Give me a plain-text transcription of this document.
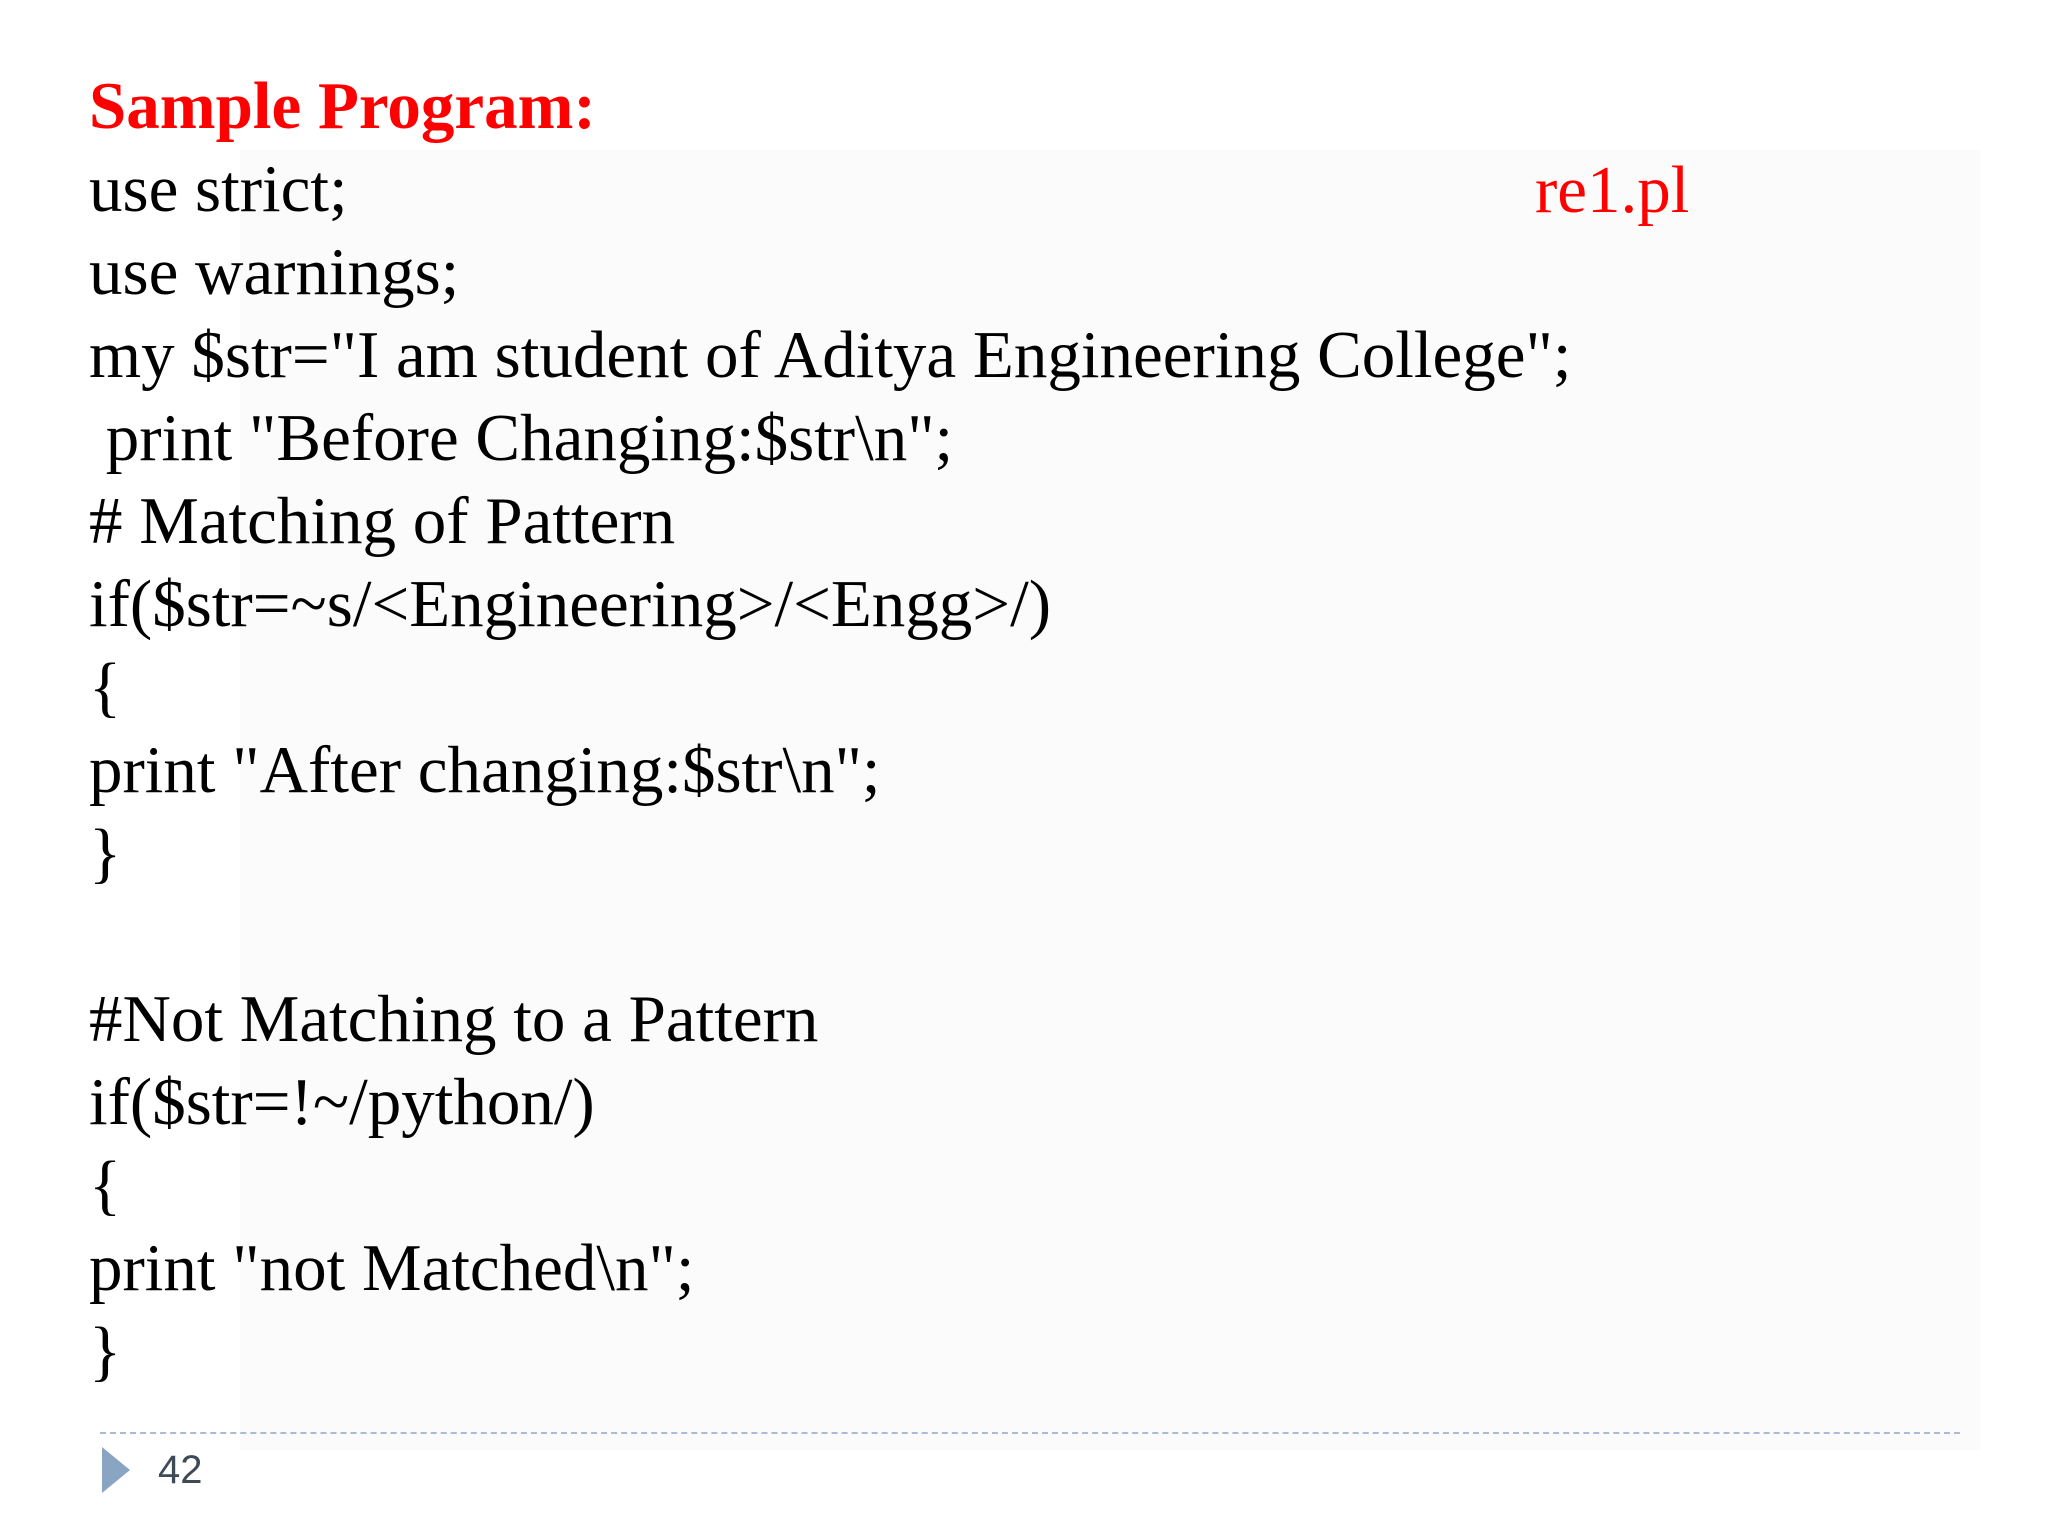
Sample Program:
re1.pl
use strict;
use warnings;
my $str="I am student of Aditya Engineering College";
print "Before Changing:$str\n";
# Matching of Pattern
if($str=~s/<Engineering>/<Engg>/)
{
print "After changing:$str\n";
}
#Not Matching to a Pattern
if($str=!~/python/)
{
print "not Matched\n";
}
42
